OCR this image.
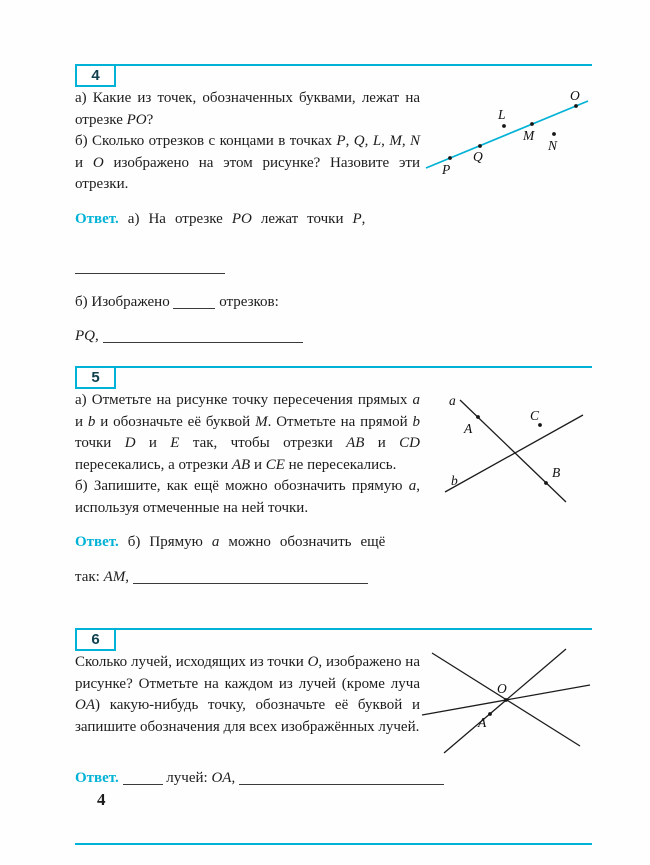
4

а) Какие из точек, обозначенных буквами, лежат на отрезке PO?

б) Сколько отрезков с концами в точках P, Q, L, M, N и O изображено на этом рисунке? Назовите эти отрезки.

P
Q
L
M
N
O

Ответ. а) На отрезке PO лежат точки P,

б) Изображено	отрезков:

PQ,

5

а) Отметьте на рисунке точку пересечения прямых a и b и обозначьте её буквой M. Отметьте на прямой b точки D и E так, чтобы отрезки AB и CD пересекались, а отрезки AB и CE не пересекались.

б) Запишите, как ещё можно обозначить прямую a, используя отмеченные на ней точки.

A
B
C
a
b

Ответ. б) Прямую a можно обозначить ещё

так: AM,

6

Сколько лучей, исходящих из точки O, изображено на рисунке? Отметьте на каждом из лучей (кроме луча OA) какую-нибудь точку, обозначьте её буквой и запишите обозначения для всех изображённых лучей.

O
A

Ответ.	лучей: OA,

4
